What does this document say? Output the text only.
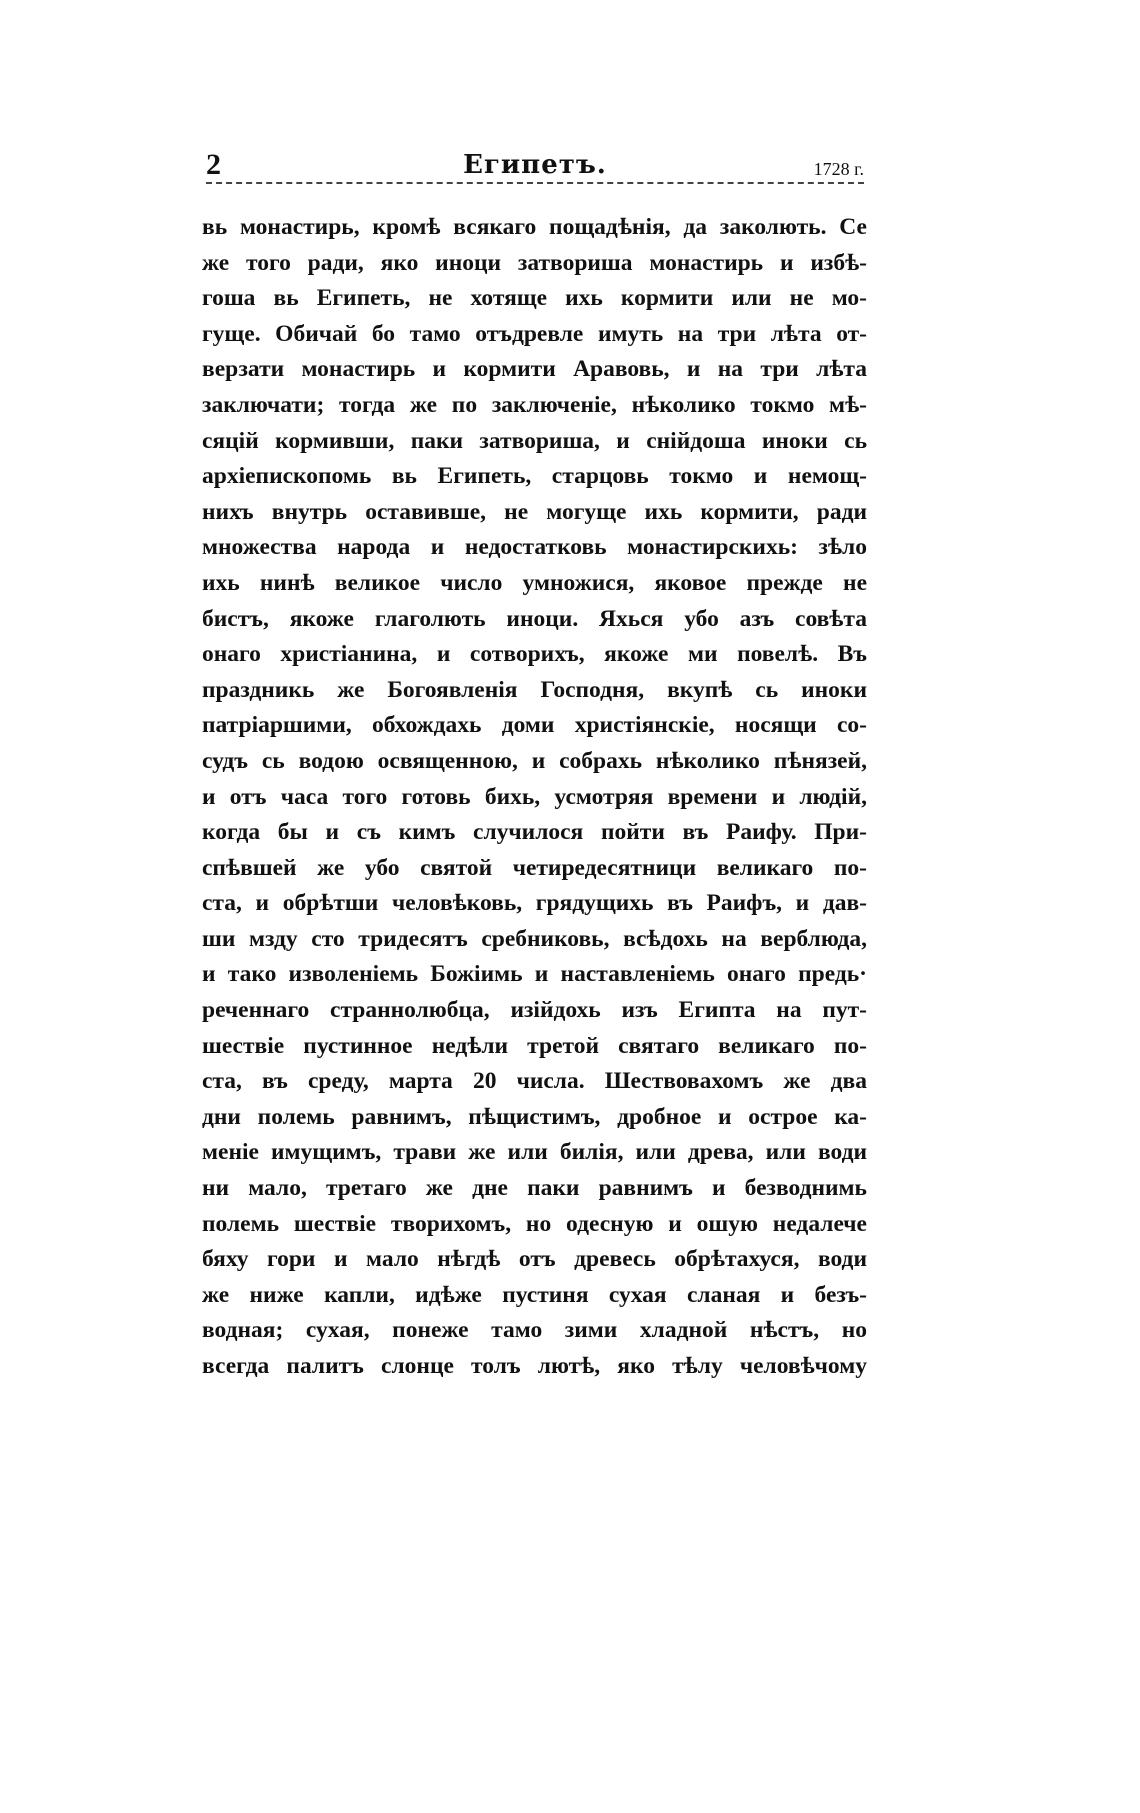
2	Египетъ.	1728 г.
вь монастирь, кромѣ всякаго пощадѣнія, да заколють. Се
же того ради, яко иноци затвориша монастирь и избѣ-
гоша вь Египеть, не хотяще ихь кормити или не мо-
гуще. Обичай бо тамо отъдревле имуть на три лѣта от-
верзати монастирь и кормити Аравовь, и на три лѣта
заключати; тогда же по заключеніе, нѣколико токмо мѣ-
сяцій кормивши, паки затвориша, и снійдоша иноки сь
архіепископомь вь Египеть, старцовь токмо и немощ-
нихъ внутрь оставивше, не могуще ихь кормити, ради
множества народа и недостатковь монастирскихь: зѣло
ихь нинѣ великое число умножися, яковое прежде не
бистъ, якоже глаголють иноци. Яхься убо азъ совѣта
онаго христіанина, и сотворихъ, якоже ми повелѣ. Въ
праздникь же Богоявленія Господня, вкупѣ сь иноки
патріаршими, обхождахь доми христіянскіе, носящи со-
судъ сь водою освященною, и собрахь нѣколико пѣнязей,
и отъ часа того готовь бихь, усмотряя времени и людій,
когда бы и съ кимъ случилося пойти въ Раифу. При-
спѣвшей же убо святой четиредесятници великаго по-
ста, и обрѣтши человѣковь, грядущихь въ Раифъ, и дав-
ши мзду сто тридесятъ сребниковь, всѣдохь на верблюда,
и тако изволеніемь Божіимь и наставленіемь онаго предь·
реченнаго страннолюбца, изійдохь изъ Египта на пут-
шествіе пустинное недѣли третой святаго великаго по-
ста, въ среду, марта 20 числа. Шествовахомъ же два
дни полемь равнимъ, пѣщистимъ, дробное и острое ка-
меніе имущимъ, трави же или билія, или древа, или води
ни мало, третаго же дне паки равнимъ и безводнимь
полемь шествіе творихомъ, но одесную и ошую недалече
бяху гори и мало нѣгдѣ отъ древесь обрѣтахуся, води
же ниже капли, идѣже пустиня сухая сланая и безъ-
водная; сухая, понеже тамо зими хладной нѣстъ, но
всегда палитъ слонце толъ лютѣ, яко тѣлу человѣчому
